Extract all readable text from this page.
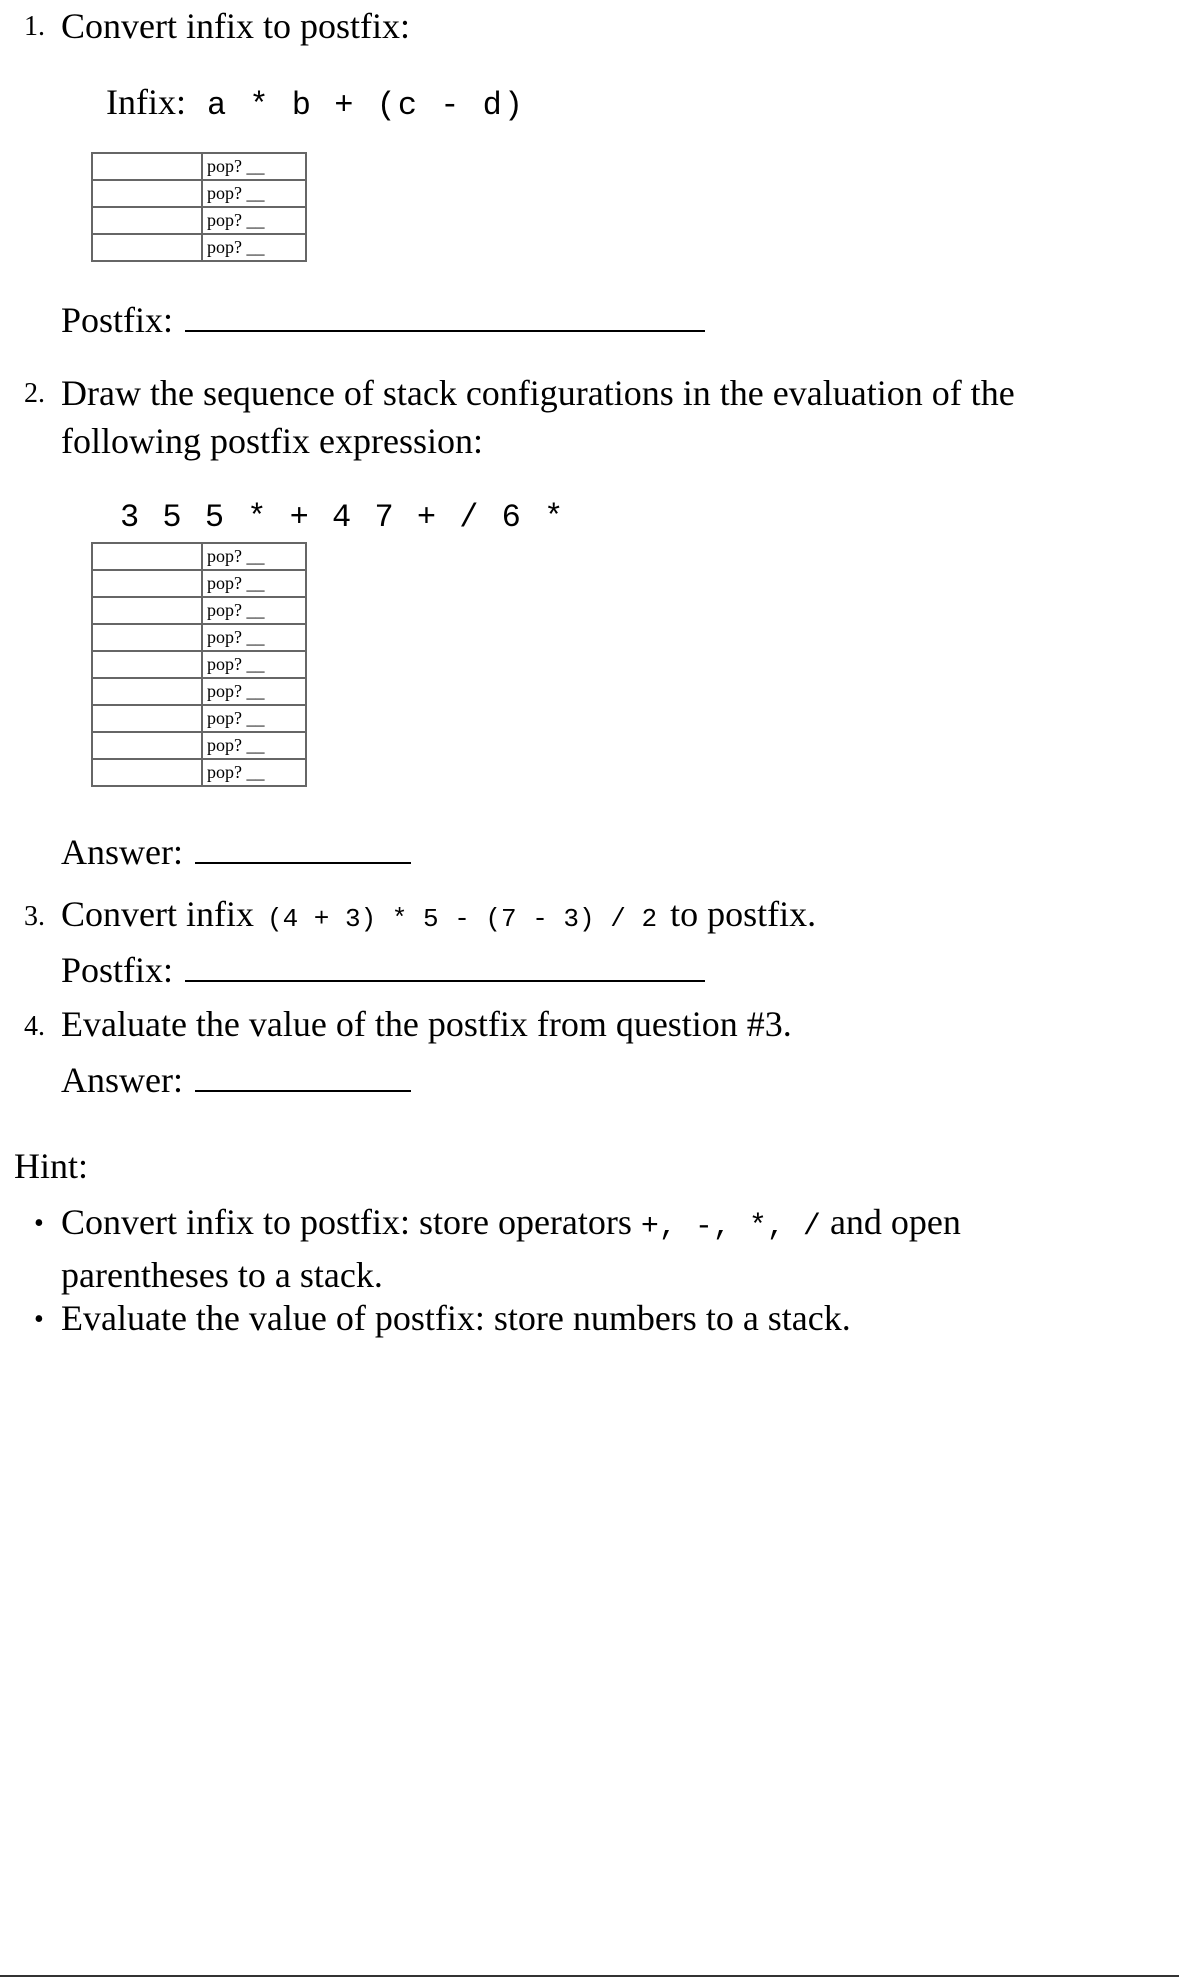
1. Convert infix to postfix:
Infix: a * b + (c - d)
	pop? __
	pop? __
	pop? __
	pop? __
Postfix:
2. Draw the sequence of stack configurations in the evaluation of the following postfix expression:
3 5 5 * + 4 7 + / 6 *
	pop? __
	pop? __
	pop? __
	pop? __
	pop? __
	pop? __
	pop? __
	pop? __
	pop? __
Answer:
3. Convert infix (4 + 3) * 5 - (7 - 3) / 2 to postfix.
Postfix:
4. Evaluate the value of the postfix from question #3.
Answer:
Hint:
• Convert infix to postfix: store operators +, -, *, / and open parentheses to a stack.
• Evaluate the value of postfix: store numbers to a stack.
